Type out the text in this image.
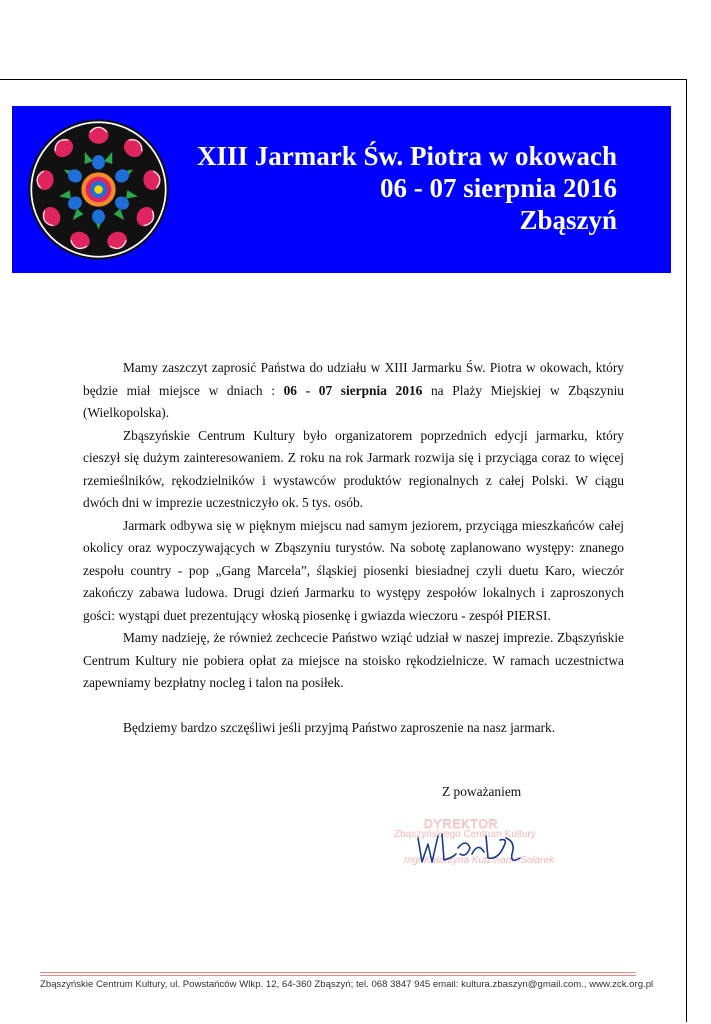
XIII Jarmark Św. Piotra w okowach
06 - 07 sierpnia 2016
Zbąszyń

Mamy zaszczyt zaprosić Państwa do udziału w XIII Jarmarku Św. Piotra w okowach, który będzie miał miejsce w dniach : 06 - 07 sierpnia 2016 na Plaży Miejskiej w Zbąszyniu (Wielkopolska).

Zbąszyńskie Centrum Kultury było organizatorem poprzednich edycji jarmarku, który cieszył się dużym zainteresowaniem. Z roku na rok Jarmark rozwija się i przyciąga coraz to więcej rzemieślników, rękodzielników i wystawców produktów regionalnych z całej Polski. W ciągu dwóch dni w imprezie uczestniczyło ok. 5 tys. osób.

Jarmark odbywa się w pięknym miejscu nad samym jeziorem, przyciąga mieszkańców całej okolicy oraz wypoczywających w Zbąszyniu turystów. Na sobotę zaplanowano występy: znanego zespołu country - pop „Gang Marcela”, śląskiej piosenki biesiadnej czyli duetu Karo, wieczór zakończy zabawa ludowa. Drugi dzień Jarmarku to występy zespołów lokalnych i zaproszonych gości: wystąpi duet prezentujący włoską piosenkę i gwiazda wieczoru - zespół PIERSI.

Mamy nadzieję, że również zechcecie Państwo wziąć udział w naszej imprezie. Zbąszyńskie Centrum Kultury nie pobiera opłat za miejsce na stoisko rękodzielnicze. W ramach uczestnictwa zapewniamy bezpłatny nocleg i talon na posiłek.

Będziemy bardzo szczęśliwi jeśli przyjmą Państwo zaproszenie na nasz jarmark.

Z poważaniem
DYREKTOR
Zbąszyńskiego Centrum Kultury
mgr Katarzyna Kutzmann-Sołarek
Zbąszyńskie Centrum Kultury, ul. Powstańców Wlkp. 12, 64-360 Zbąszyń; tel. 068 3847 945 email: kultura.zbaszyn@gmail.com., www.zck.org.pl
